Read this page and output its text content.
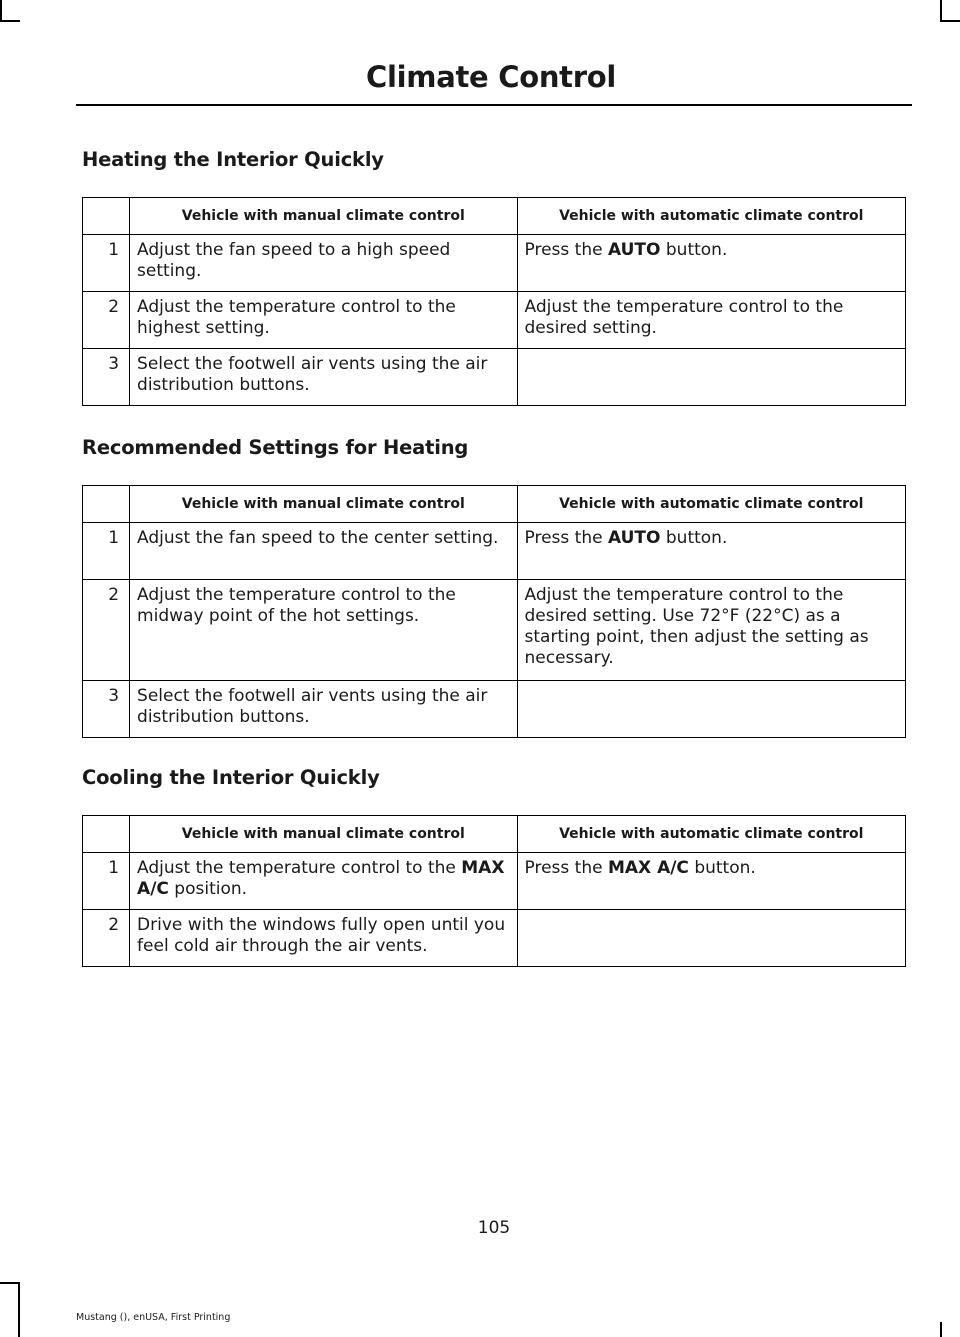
Climate Control
Heating the Interior Quickly
	Vehicle with manual climate control	Vehicle with automatic climate control
1	Adjust the fan speed to a high speed setting.	Press the AUTO button.
2	Adjust the temperature control to the highest setting.	Adjust the temperature control to the desired setting.
3	Select the footwell air vents using the air distribution buttons.	
Recommended Settings for Heating
	Vehicle with manual climate control	Vehicle with automatic climate control
1	Adjust the fan speed to the center setting.	Press the AUTO button.
2	Adjust the temperature control to the midway point of the hot settings.	Adjust the temperature control to the desired setting. Use 72°F (22°C) as a starting point, then adjust the setting as necessary.
3	Select the footwell air vents using the air distribution buttons.	
Cooling the Interior Quickly
	Vehicle with manual climate control	Vehicle with automatic climate control
1	Adjust the temperature control to the MAX A/C position.	Press the MAX A/C button.
2	Drive with the windows fully open until you feel cold air through the air vents.	
105
Mustang (), enUSA, First Printing
